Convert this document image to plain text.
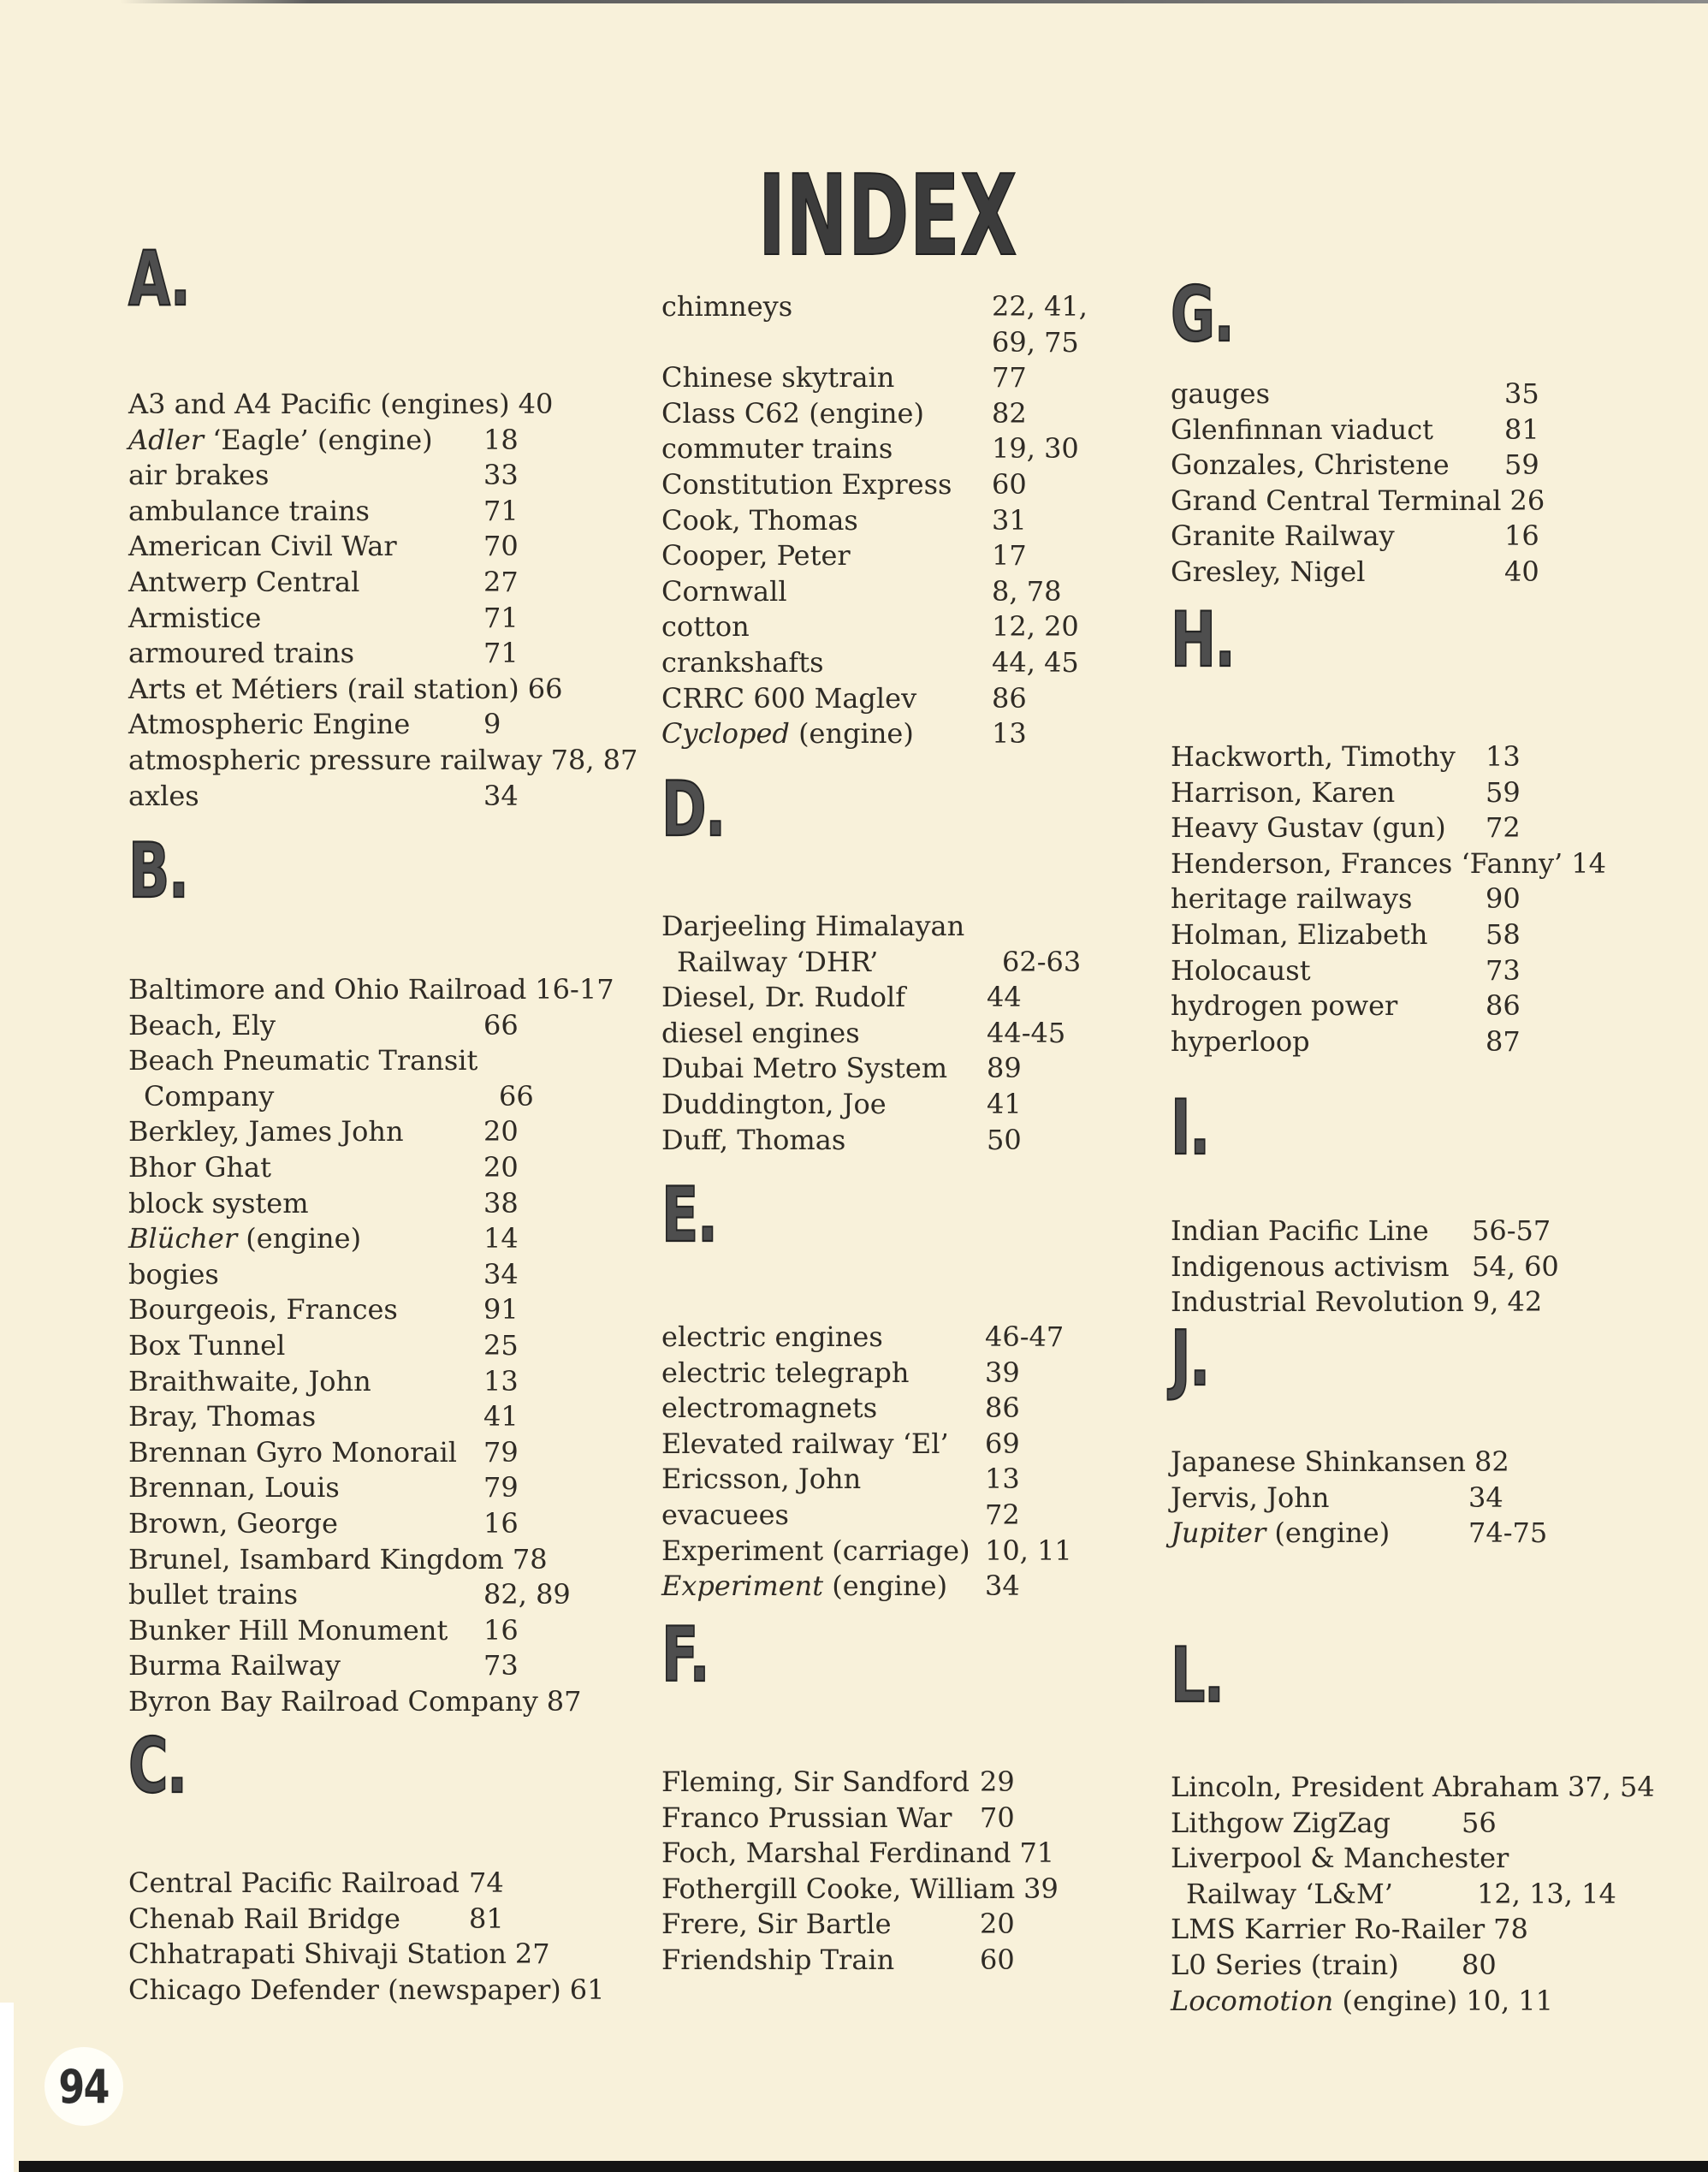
INDEX
A.
A3 and A4 Pacific (engines) 40
Adler ‘Eagle’ (engine)	18
air brakes	33
ambulance trains	71
American Civil War	70
Antwerp Central	27
Armistice	71
armoured trains	71
Arts et Métiers (rail station) 66
Atmospheric Engine	9
atmospheric pressure railway 78, 87
axles	34
B.
Baltimore and Ohio Railroad 16-17
Beach, Ely	66
Beach Pneumatic Transit
Company	66
Berkley, James John	20
Bhor Ghat	20
block system	38
Blücher (engine)	14
bogies	34
Bourgeois, Frances	91
Box Tunnel	25
Braithwaite, John	13
Bray, Thomas	41
Brennan Gyro Monorail 79
Brennan, Louis	79
Brown, George	16
Brunel, Isambard Kingdom 78
bullet trains	82, 89
Bunker Hill Monument	16
Burma Railway	73
Byron Bay Railroad Company 87
C.
Central Pacific Railroad 74
Chenab Rail Bridge	81
Chhatrapati Shivaji Station 27
Chicago Defender (newspaper) 61
chimneys	22, 41,
69, 75
Chinese skytrain	77
Class C62 (engine)	82
commuter trains	19, 30
Constitution Express	60
Cook, Thomas	31
Cooper, Peter	17
Cornwall	8, 78
cotton	12, 20
crankshafts	44, 45
CRRC 600 Maglev	86
Cycloped (engine)	13
D.
Darjeeling Himalayan
Railway ‘DHR’	62-63
Diesel, Dr. Rudolf	44
diesel engines	44-45
Dubai Metro System	89
Duddington, Joe	41
Duff, Thomas	50
E.
electric engines	46-47
electric telegraph	39
electromagnets	86
Elevated railway ‘El’	69
Ericsson, John	13
evacuees	72
Experiment (carriage) 10, 11
Experiment (engine)	34
F.
Fleming, Sir Sandford 29
Franco Prussian War	70
Foch, Marshal Ferdinand 71
Fothergill Cooke, William 39
Frere, Sir Bartle	20
Friendship Train	60
G.
gauges	35
Glenfinnan viaduct	81
Gonzales, Christene	59
Grand Central Terminal 26
Granite Railway	16
Gresley, Nigel	40
H.
Hackworth, Timothy	13
Harrison, Karen	59
Heavy Gustav (gun)	72
Henderson, Frances ‘Fanny’ 14
heritage railways	90
Holman, Elizabeth	58
Holocaust	73
hydrogen power	86
hyperloop	87
I.
Indian Pacific Line	56-57
Indigenous activism 54, 60
Industrial Revolution 9, 42
J.
Japanese Shinkansen 82
Jervis, John	34
Jupiter (engine)	74-75
L.
Lincoln, President Abraham 37, 54
Lithgow ZigZag	56
Liverpool & Manchester
Railway ‘L&M’	12, 13, 14
LMS Karrier Ro-Railer 78
L0 Series (train)	80
Locomotion (engine) 10, 11
94
